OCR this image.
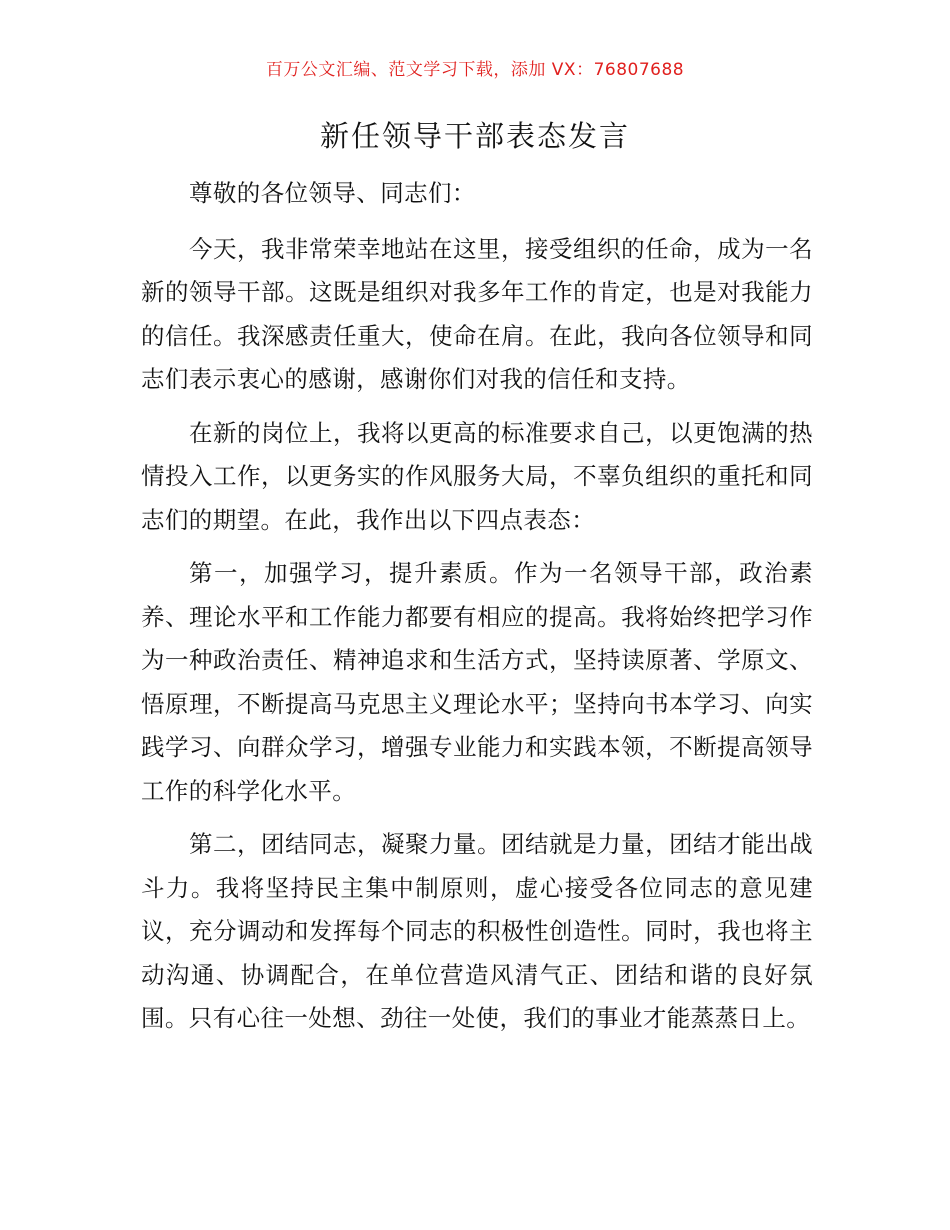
百万公文汇编、范文学习下载，添加 VX：76807688
新任领导干部表态发言

尊敬的各位领导、同志们：

今天，我非常荣幸地站在这里，接受组织的任命，成为一名新的领导干部。这既是组织对我多年工作的肯定，也是对我能力的信任。我深感责任重大，使命在肩。在此，我向各位领导和同志们表示衷心的感谢，感谢你们对我的信任和支持。

在新的岗位上，我将以更高的标准要求自己，以更饱满的热情投入工作，以更务实的作风服务大局，不辜负组织的重托和同志们的期望。在此，我作出以下四点表态：

第一，加强学习，提升素质。作为一名领导干部，政治素养、理论水平和工作能力都要有相应的提高。我将始终把学习作为一种政治责任、精神追求和生活方式，坚持读原著、学原文、悟原理，不断提高马克思主义理论水平；坚持向书本学习、向实践学习、向群众学习，增强专业能力和实践本领，不断提高领导工作的科学化水平。

第二，团结同志，凝聚力量。团结就是力量，团结才能出战斗力。我将坚持民主集中制原则，虚心接受各位同志的意见建议，充分调动和发挥每个同志的积极性创造性。同时，我也将主动沟通、协调配合，在单位营造风清气正、团结和谐的良好氛围。只有心往一处想、劲往一处使，我们的事业才能蒸蒸日上。
